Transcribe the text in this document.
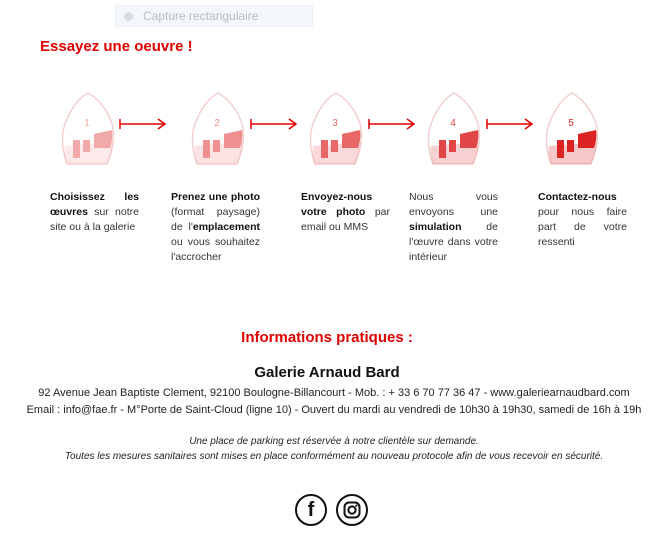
Capture rectangulaire
Essayez une oeuvre !
1	2	3	4	5
Choisissez les œuvres sur notre site ou à la galerie
Prenez une photo (format paysage) de l'emplacement ou vous souhaitez l'accrocher
Envoyez-nous votre photo par email ou MMS
Nous vous envoyons une simulation de l'œuvre dans votre intérieur
Contactez-nous pour nous faire part de votre ressenti
Informations pratiques :
Galerie Arnaud Bard
92 Avenue Jean Baptiste Clement, 92100 Boulogne-Billancourt - Mob. : + 33 6 70 77 36 47 - www.galeriearnaudbard.com
Email : info@fae.fr - M°Porte de Saint-Cloud (ligne 10) - Ouvert du mardi au vendredi de 10h30 à 19h30, samedi de 16h à 19h
Une place de parking est réservée à notre clientèle sur demande.
Toutes les mesures sanitaires sont mises en place conformément au nouveau protocole afin de vous recevoir en sécurité.
f
